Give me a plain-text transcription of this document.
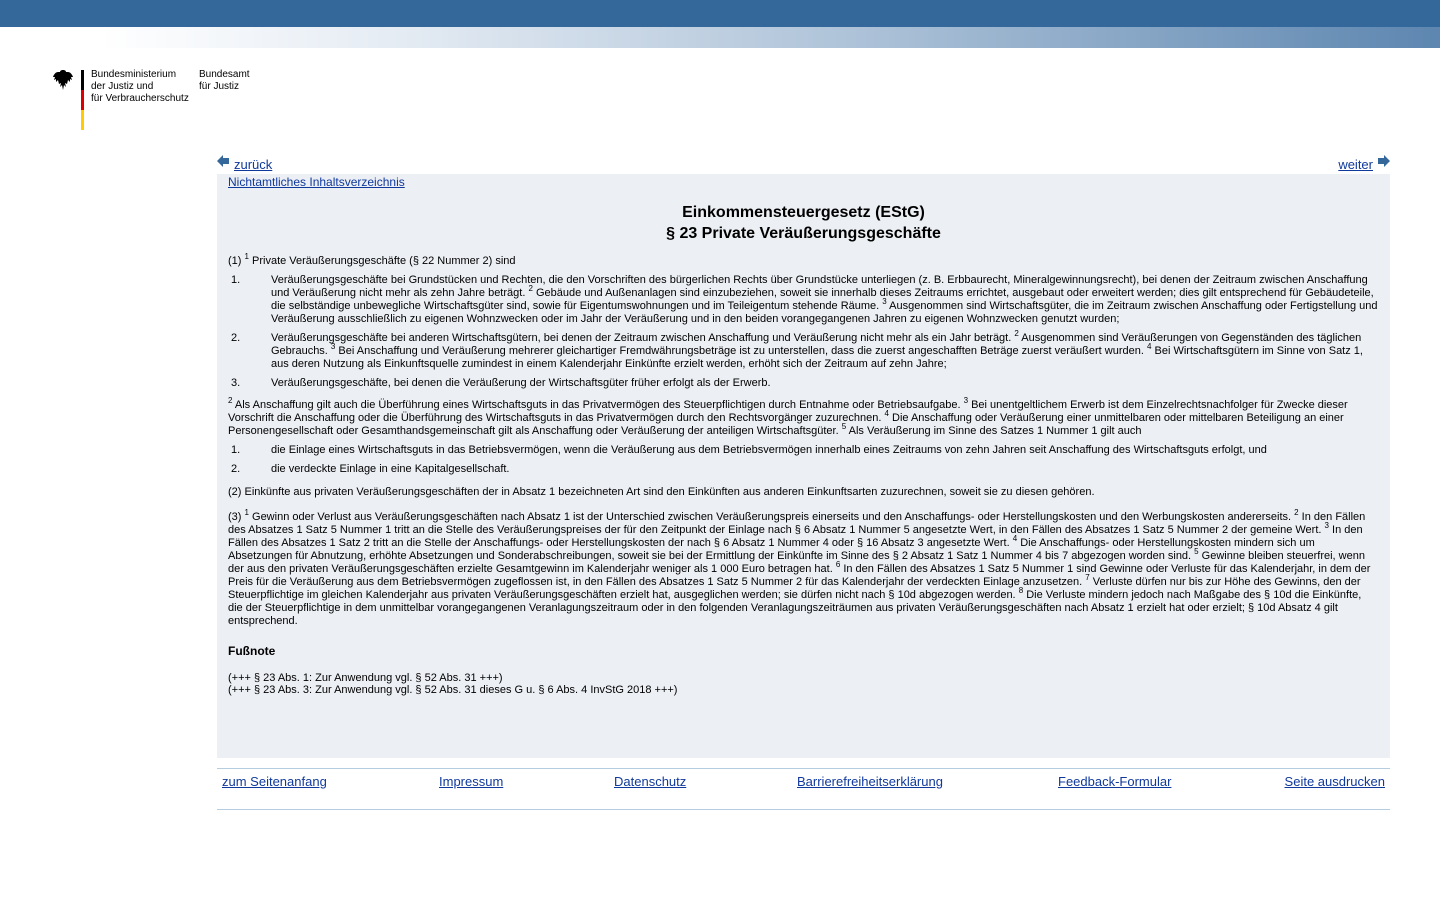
Bundesministerium
der Justiz und
für Verbraucherschutz
Bundesamt
für Justiz
zurück	weiter
Nichtamtliches Inhaltsverzeichnis
Einkommensteuergesetz (EStG)
§ 23 Private Veräußerungsgeschäfte

(1) $^1$ Private Veräußerungsgeschäfte (§ 22 Nummer 2) sind

1.	Veräußerungsgeschäfte bei Grundstücken und Rechten, die den Vorschriften des bürgerlichen Rechts über Grundstücke unterliegen (z. B. Erbbaurecht, Mineralgewinnungsrecht), bei denen der Zeitraum zwischen Anschaffung und Veräußerung nicht mehr als zehn Jahre beträgt. $^2$ Gebäude und Außenanlagen sind einzubeziehen, soweit sie innerhalb dieses Zeitraums errichtet, ausgebaut oder erweitert werden; dies gilt entsprechend für Gebäudeteile, die selbständige unbewegliche Wirtschaftsgüter sind, sowie für Eigentumswohnungen und im Teileigentum stehende Räume. $^3$ Ausgenommen sind Wirtschaftsgüter, die im Zeitraum zwischen Anschaffung oder Fertigstellung und Veräußerung ausschließlich zu eigenen Wohnzwecken oder im Jahr der Veräußerung und in den beiden vorangegangenen Jahren zu eigenen Wohnzwecken genutzt wurden;
2.	Veräußerungsgeschäfte bei anderen Wirtschaftsgütern, bei denen der Zeitraum zwischen Anschaffung und Veräußerung nicht mehr als ein Jahr beträgt. $^2$ Ausgenommen sind Veräußerungen von Gegenständen des täglichen Gebrauchs. $^3$ Bei Anschaffung und Veräußerung mehrerer gleichartiger Fremdwährungsbeträge ist zu unterstellen, dass die zuerst angeschafften Beträge zuerst veräußert wurden. $^4$ Bei Wirtschaftsgütern im Sinne von Satz 1, aus deren Nutzung als Einkunftsquelle zumindest in einem Kalenderjahr Einkünfte erzielt werden, erhöht sich der Zeitraum auf zehn Jahre;
3.	Veräußerungsgeschäfte, bei denen die Veräußerung der Wirtschaftsgüter früher erfolgt als der Erwerb.

$^2$ Als Anschaffung gilt auch die Überführung eines Wirtschaftsguts in das Privatvermögen des Steuerpflichtigen durch Entnahme oder Betriebsaufgabe. $^3$ Bei unentgeltlichem Erwerb ist dem Einzelrechtsnachfolger für Zwecke dieser Vorschrift die Anschaffung oder die Überführung des Wirtschaftsguts in das Privatvermögen durch den Rechtsvorgänger zuzurechnen. $^4$ Die Anschaffung oder Veräußerung einer unmittelbaren oder mittelbaren Beteiligung an einer Personengesellschaft oder Gesamthandsgemeinschaft gilt als Anschaffung oder Veräußerung der anteiligen Wirtschaftsgüter. $^5$ Als Veräußerung im Sinne des Satzes 1 Nummer 1 gilt auch

1.	die Einlage eines Wirtschaftsguts in das Betriebsvermögen, wenn die Veräußerung aus dem Betriebsvermögen innerhalb eines Zeitraums von zehn Jahren seit Anschaffung des Wirtschaftsguts erfolgt, und
2.	die verdeckte Einlage in eine Kapitalgesellschaft.

(2) Einkünfte aus privaten Veräußerungsgeschäften der in Absatz 1 bezeichneten Art sind den Einkünften aus anderen Einkunftsarten zuzurechnen, soweit sie zu diesen gehören.

(3) $^1$ Gewinn oder Verlust aus Veräußerungsgeschäften nach Absatz 1 ist der Unterschied zwischen Veräußerungspreis einerseits und den Anschaffungs- oder Herstellungskosten und den Werbungskosten andererseits. $^2$ In den Fällen des Absatzes 1 Satz 5 Nummer 1 tritt an die Stelle des Veräußerungspreises der für den Zeitpunkt der Einlage nach § 6 Absatz 1 Nummer 5 angesetzte Wert, in den Fällen des Absatzes 1 Satz 5 Nummer 2 der gemeine Wert. $^3$ In den Fällen des Absatzes 1 Satz 2 tritt an die Stelle der Anschaffungs- oder Herstellungskosten der nach § 6 Absatz 1 Nummer 4 oder § 16 Absatz 3 angesetzte Wert. $^4$ Die Anschaffungs- oder Herstellungskosten mindern sich um Absetzungen für Abnutzung, erhöhte Absetzungen und Sonderabschreibungen, soweit sie bei der Ermittlung der Einkünfte im Sinne des § 2 Absatz 1 Satz 1 Nummer 4 bis 7 abgezogen worden sind. $^5$ Gewinne bleiben steuerfrei, wenn der aus den privaten Veräußerungsgeschäften erzielte Gesamtgewinn im Kalenderjahr weniger als 1 000 Euro betragen hat. $^6$ In den Fällen des Absatzes 1 Satz 5 Nummer 1 sind Gewinne oder Verluste für das Kalenderjahr, in dem der Preis für die Veräußerung aus dem Betriebsvermögen zugeflossen ist, in den Fällen des Absatzes 1 Satz 5 Nummer 2 für das Kalenderjahr der verdeckten Einlage anzusetzen. $^7$ Verluste dürfen nur bis zur Höhe des Gewinns, den der Steuerpflichtige im gleichen Kalenderjahr aus privaten Veräußerungsgeschäften erzielt hat, ausgeglichen werden; sie dürfen nicht nach § 10d abgezogen werden. $^8$ Die Verluste mindern jedoch nach Maßgabe des § 10d die Einkünfte, die der Steuerpflichtige in dem unmittelbar vorangegangenen Veranlagungszeitraum oder in den folgenden Veranlagungszeiträumen aus privaten Veräußerungsgeschäften nach Absatz 1 erzielt hat oder erzielt; § 10d Absatz 4 gilt entsprechend.

Fußnote
(+++ § 23 Abs. 1: Zur Anwendung vgl. § 52 Abs. 31 +++)
(+++ § 23 Abs. 3: Zur Anwendung vgl. § 52 Abs. 31 dieses G u. § 6 Abs. 4 InvStG 2018 +++)
zum Seitenanfang	Impressum	Datenschutz	Barrierefreiheitserklärung	Feedback-Formular	Seite ausdrucken
